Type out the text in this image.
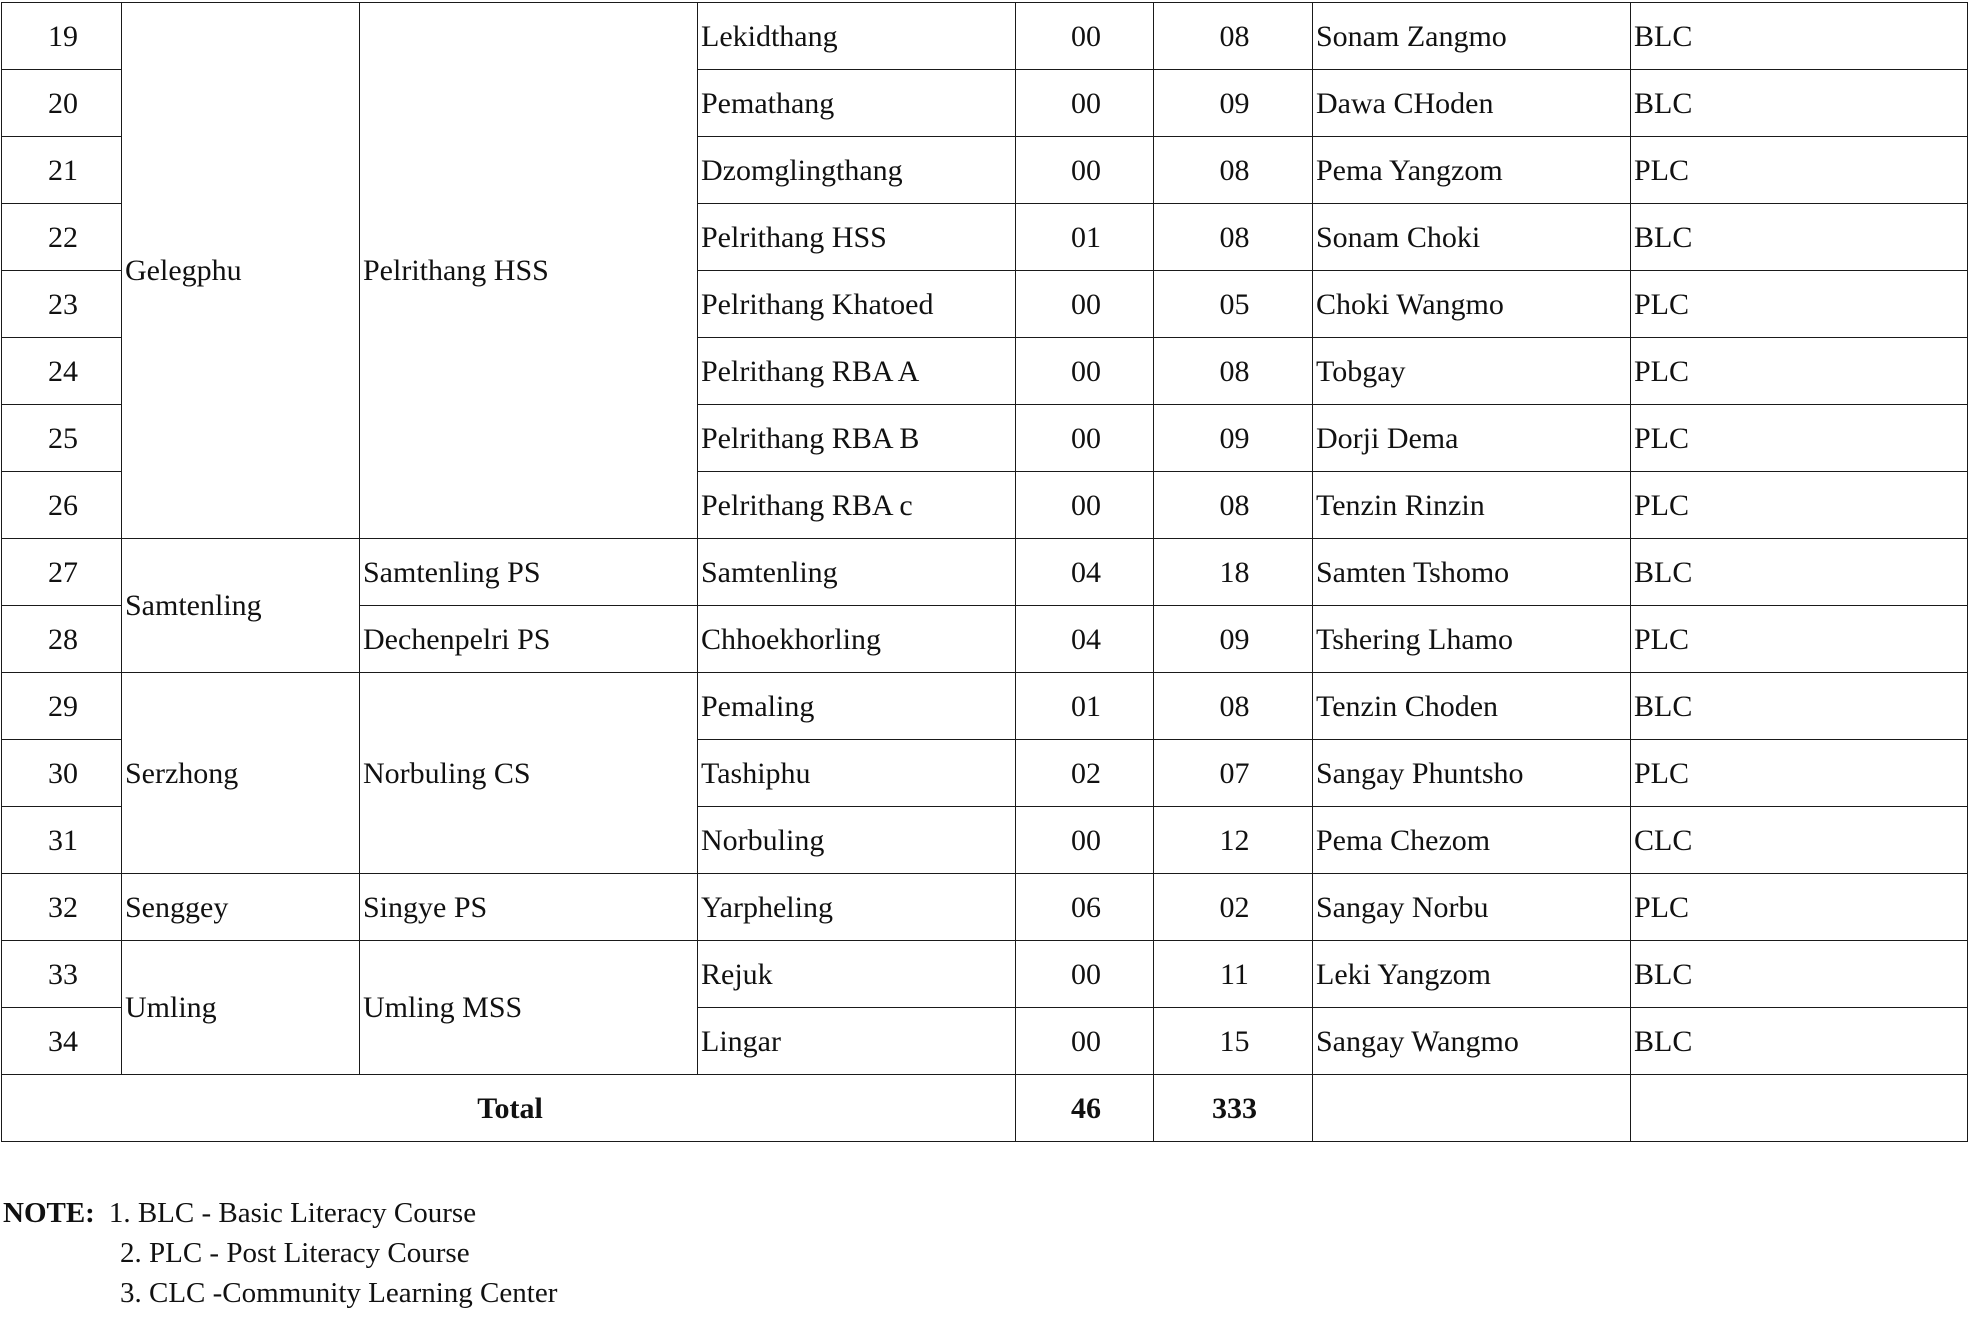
19	Gelegphu	Pelrithang HSS	Lekidthang	00	08	Sonam Zangmo	BLC
20			Pemathang	00	09	Dawa CHoden	BLC
21			Dzomglingthang	00	08	Pema Yangzom	PLC
22			Pelrithang HSS	01	08	Sonam Choki	BLC
23			Pelrithang Khatoed	00	05	Choki Wangmo	PLC
24			Pelrithang RBA A	00	08	Tobgay	PLC
25			Pelrithang RBA B	00	09	Dorji Dema	PLC
26			Pelrithang RBA c	00	08	Tenzin Rinzin	PLC
27	Samtenling	Samtenling PS	Samtenling	04	18	Samten Tshomo	BLC
28		Dechenpelri PS	Chhoekhorling	04	09	Tshering Lhamo	PLC
29	Serzhong	Norbuling CS	Pemaling	01	08	Tenzin Choden	BLC
30			Tashiphu	02	07	Sangay Phuntsho	PLC
31			Norbuling	00	12	Pema Chezom	CLC
32	Senggey	Singye PS	Yarpheling	06	02	Sangay Norbu	PLC
33	Umling	Umling MSS	Rejuk	00	11	Leki Yangzom	BLC
34			Lingar	00	15	Sangay Wangmo	BLC
Total				46	333		
NOTE: 1. BLC - Basic Literacy Course
2. PLC - Post Literacy Course
3. CLC -Community Learning Center
